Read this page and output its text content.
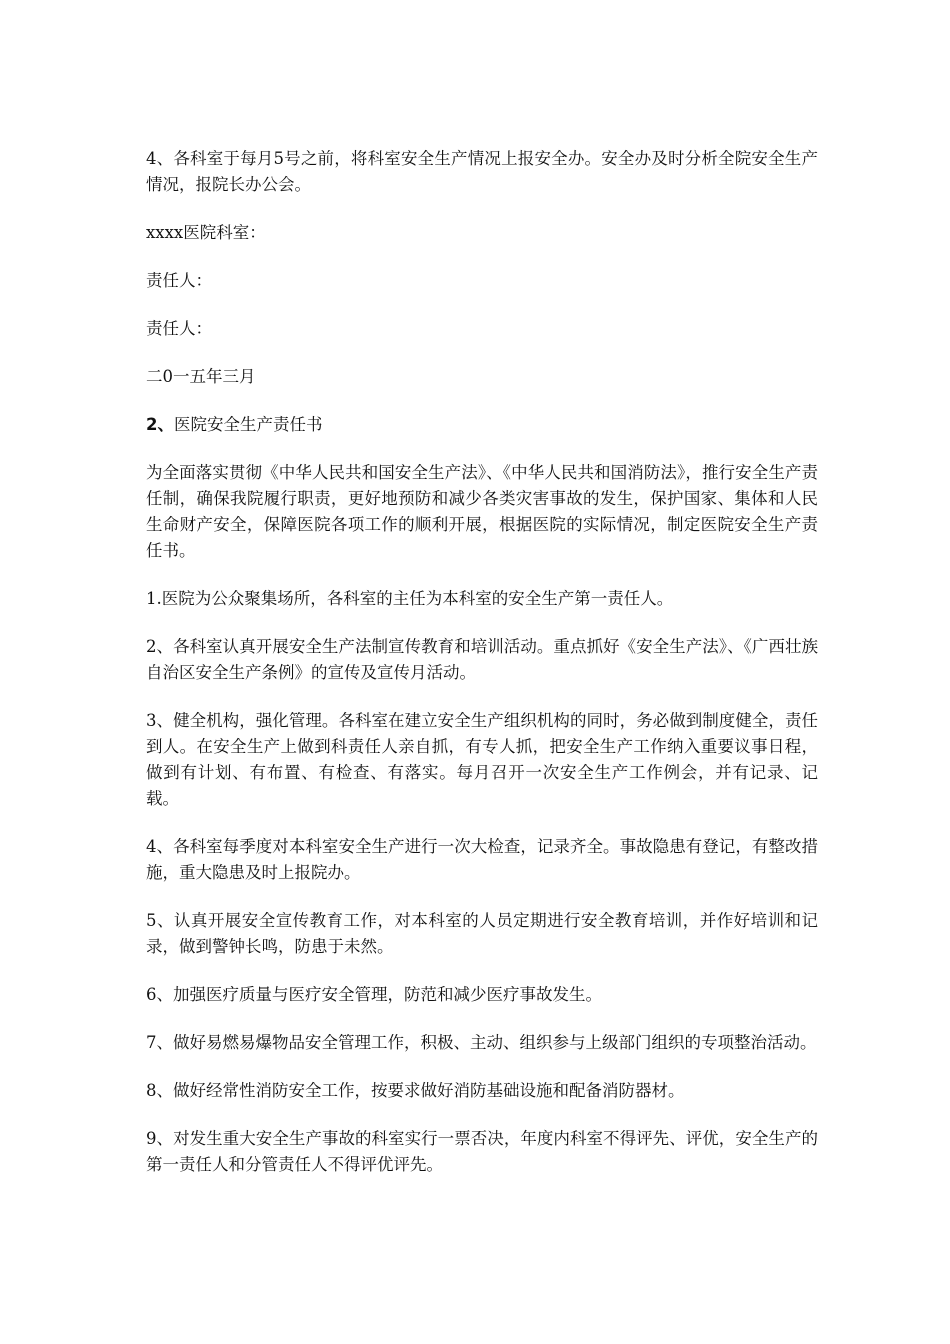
4、各科室于每月5号之前，将科室安全生产情况上报安全办。安全办及时分析全院安全生产情况，报院长办公会。

xxxx医院科室：

责任人：

责任人：

二0一五年三月

2、医院安全生产责任书

为全面落实贯彻《中华人民共和国安全生产法》、《中华人民共和国消防法》，推行安全生产责任制，确保我院履行职责，更好地预防和减少各类灾害事故的发生，保护国家、集体和人民生命财产安全，保障医院各项工作的顺利开展，根据医院的实际情况，制定医院安全生产责任书。

1.医院为公众聚集场所，各科室的主任为本科室的安全生产第一责任人。

2、各科室认真开展安全生产法制宣传教育和培训活动。重点抓好《安全生产法》、《广西壮族自治区安全生产条例》的宣传及宣传月活动。

3、健全机构，强化管理。各科室在建立安全生产组织机构的同时，务必做到制度健全，责任到人。在安全生产上做到科责任人亲自抓，有专人抓，把安全生产工作纳入重要议事日程，做到有计划、有布置、有检查、有落实。每月召开一次安全生产工作例会，并有记录、记载。

4、各科室每季度对本科室安全生产进行一次大检查，记录齐全。事故隐患有登记，有整改措施，重大隐患及时上报院办。

5、认真开展安全宣传教育工作，对本科室的人员定期进行安全教育培训，并作好培训和记录，做到警钟长鸣，防患于未然。

6、加强医疗质量与医疗安全管理，防范和减少医疗事故发生。

7、做好易燃易爆物品安全管理工作，积极、主动、组织参与上级部门组织的专项整治活动。

8、做好经常性消防安全工作，按要求做好消防基础设施和配备消防器材。

9、对发生重大安全生产事故的科室实行一票否决，年度内科室不得评先、评优，安全生产的第一责任人和分管责任人不得评优评先。
